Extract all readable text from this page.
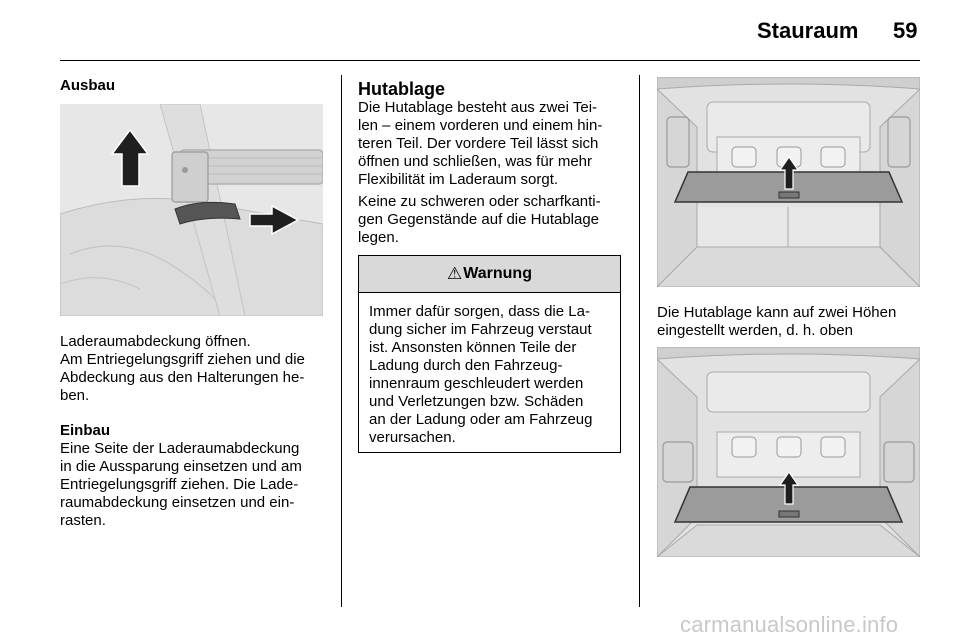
Stauraum 59
Ausbau
Laderaumabdeckung öffnen.
Am Entriegelungsgriff ziehen und die
Abdeckung aus den Halterungen he-
ben.
Einbau
Eine Seite der Laderaumabdeckung
in die Aussparung einsetzen und am
Entriegelungsgriff ziehen. Die Lade-
raumabdeckung einsetzen und ein-
rasten.
Hutablage
Die Hutablage besteht aus zwei Tei-
len – einem vorderen und einem hin-
teren Teil. Der vordere Teil lässt sich
öffnen und schließen, was für mehr
Flexibilität im Laderaum sorgt.
Keine zu schweren oder scharfkanti-
gen Gegenstände auf die Hutablage
legen.
⚠ Warnung
Immer dafür sorgen, dass die La-
dung sicher im Fahrzeug verstaut
ist. Ansonsten können Teile der
Ladung durch den Fahrzeug-
innenraum geschleudert werden
und Verletzungen bzw. Schäden
an der Ladung oder am Fahrzeug
verursachen.
Die Hutablage kann auf zwei Höhen
eingestellt werden, d. h. oben
carmanualsonline.info
